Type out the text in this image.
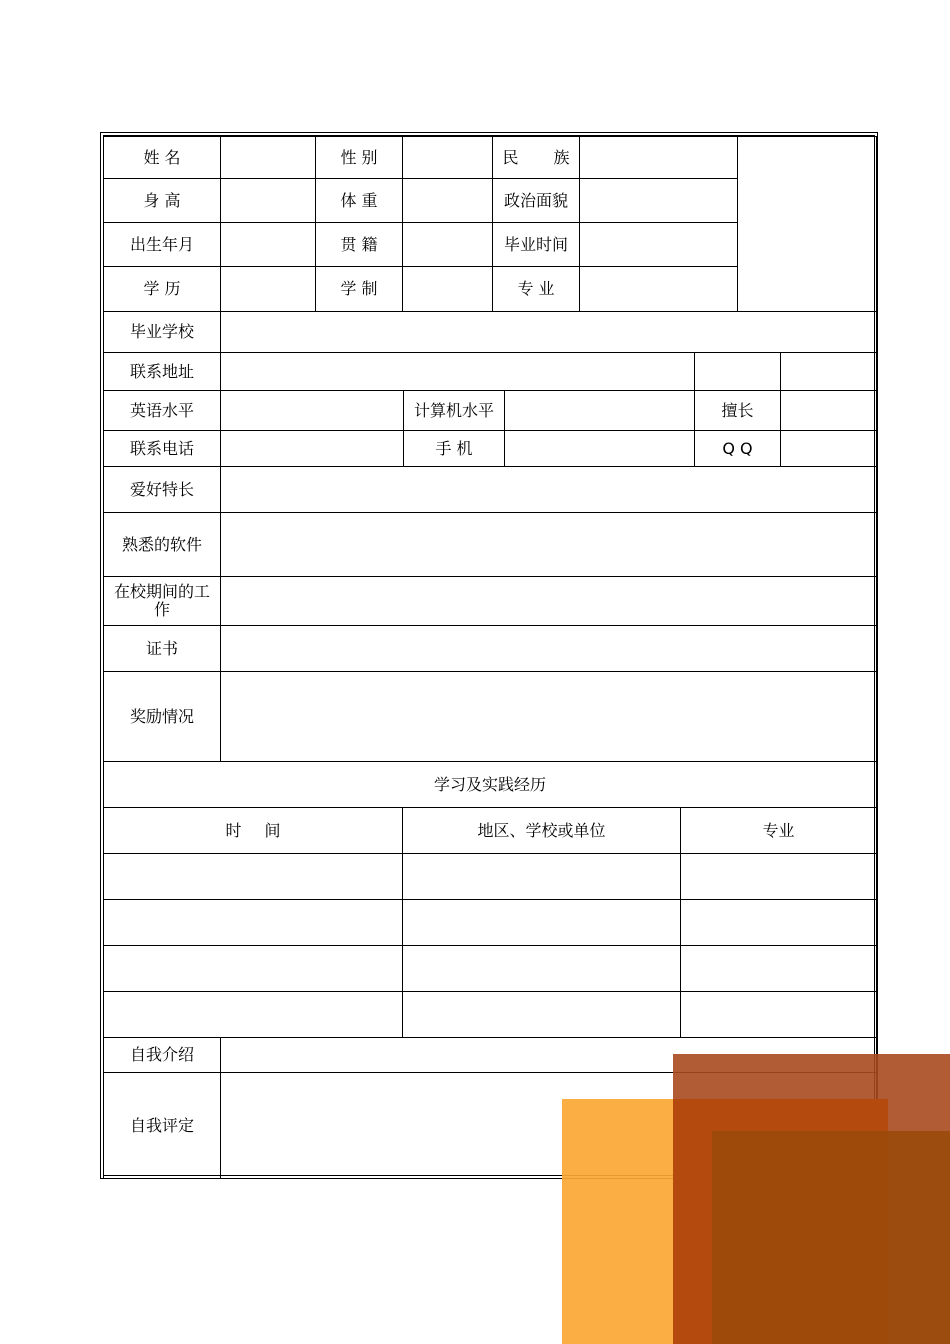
姓 名	性 别	民 族
身 高	体 重	政治面貌
出生年月	贯 籍	毕业时间
学 历	学 制	专 业
毕业学校
联系地址
英语水平	计算机水平	擅长
联系电话	手 机	Q Q
爱好特长
熟悉的软件
在校期间的工作
证书
奖励情况
学习及实践经历
时 间	地区、学校或单位	专业
自我介绍
自我评定
